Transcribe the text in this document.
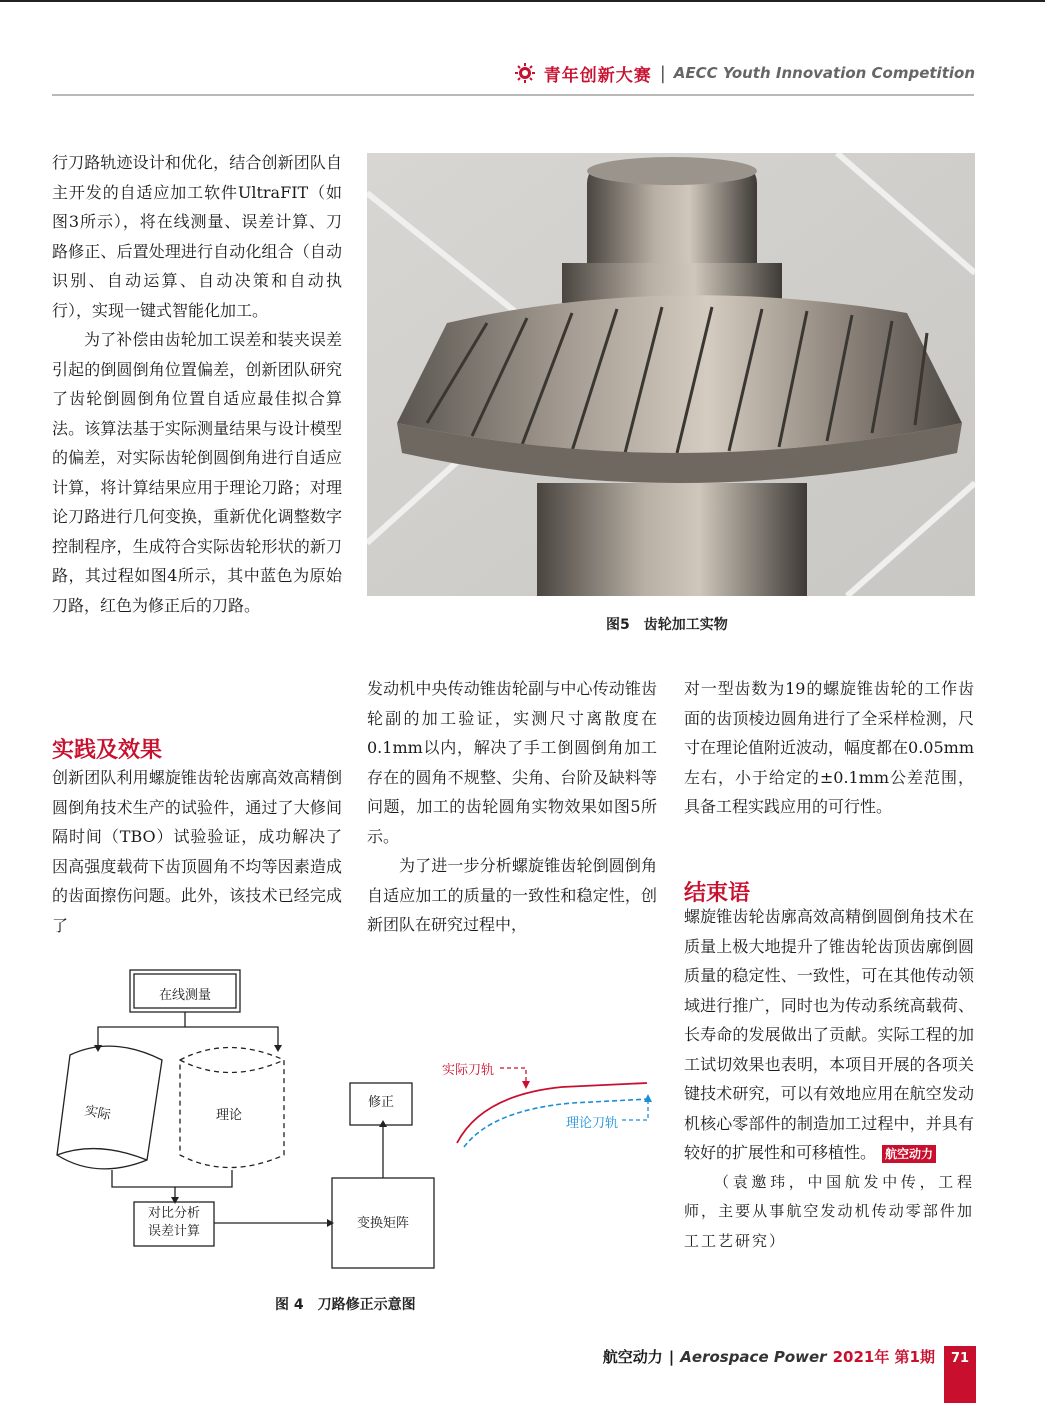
青年创新大赛 | AECC Youth Innovation Competition

行刀路轨迹设计和优化，结合创新团队自主开发的自适应加工软件UltraFIT（如图3所示），将在线测量、误差计算、刀路修正、后置处理进行自动化组合（自动识别、自动运算、自动决策和自动执行），实现一键式智能化加工。

为了补偿由齿轮加工误差和装夹误差引起的倒圆倒角位置偏差，创新团队研究了齿轮倒圆倒角位置自适应最佳拟合算法。该算法基于实际测量结果与设计模型的偏差，对实际齿轮倒圆倒角进行自适应计算，将计算结果应用于理论刀路；对理论刀路进行几何变换，重新优化调整数字控制程序，生成符合实际齿轮形状的新刀路，其过程如图4所示，其中蓝色为原始刀路，红色为修正后的刀路。

实践及效果

创新团队利用螺旋锥齿轮齿廓高效高精倒圆倒角技术生产的试验件，通过了大修间隔时间（TBO）试验验证，成功解决了因高强度载荷下齿顶圆角不均等因素造成的齿面擦伤问题。此外，该技术已经完成了

图5　齿轮加工实物

发动机中央传动锥齿轮副与中心传动锥齿轮副的加工验证，实测尺寸离散度在0.1mm以内，解决了手工倒圆倒角加工存在的圆角不规整、尖角、台阶及缺料等问题，加工的齿轮圆角实物效果如图5所示。

为了进一步分析螺旋锥齿轮倒圆倒角自适应加工的质量的一致性和稳定性，创新团队在研究过程中，

对一型齿数为19的螺旋锥齿轮的工作齿面的齿顶棱边圆角进行了全采样检测，尺寸在理论值附近波动，幅度都在0.05mm左右，小于给定的±0.1mm公差范围，具备工程实践应用的可行性。

结束语

螺旋锥齿轮齿廓高效高精倒圆倒角技术在质量上极大地提升了锥齿轮齿顶齿廓倒圆质量的稳定性、一致性，可在其他传动领域进行推广，同时也为传动系统高载荷、长寿命的发展做出了贡献。实际工程的加工试切效果也表明，本项目开展的各项关键技术研究，可以有效地应用在航空发动机核心零部件的制造加工过程中，并具有较好的扩展性和可移植性。 航空动力

（袁邀玮，中国航发中传，工程师，主要从事航空发动机传动零部件加工工艺研究）

在线测量
实际	理论
对比分析
误差计算
变换矩阵
修正
实际刀轨
理论刀轨
图 4　刀路修正示意图
航空动力 | Aerospace Power 2021年 第1期	71
